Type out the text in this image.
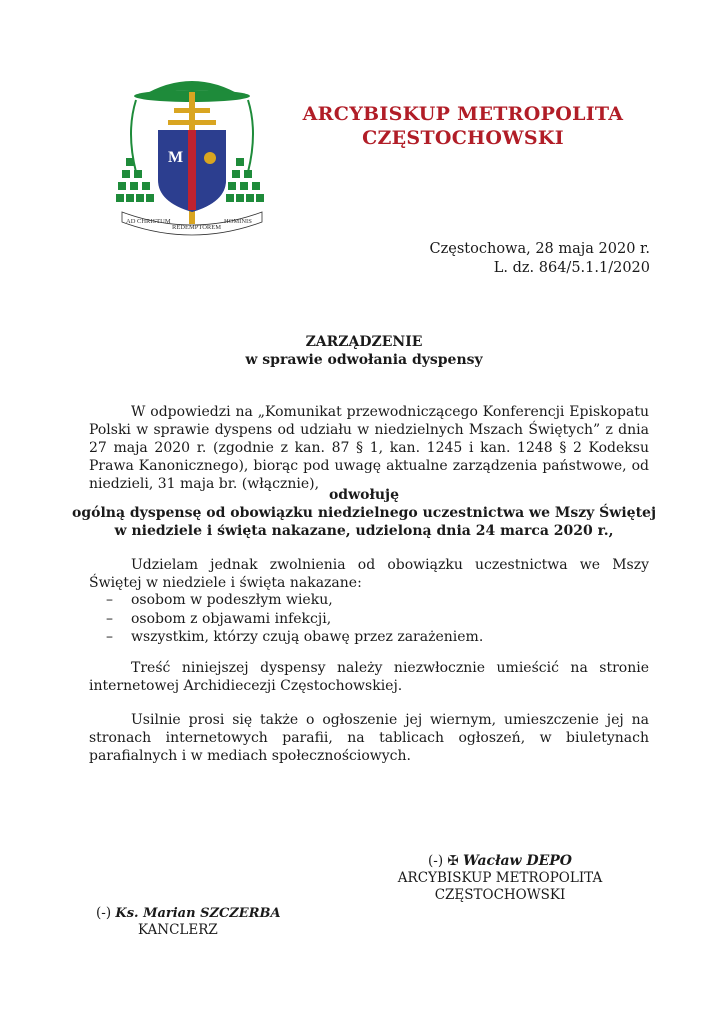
M
AD CHRISTUM
REDEMPTOREM
HOMINIS
ARCYBISKUP METROPOLITA
CZĘSTOCHOWSKI
Częstochowa, 28 maja 2020 r.
L. dz. 864/5.1.1/2020
ZARZĄDZENIE
w sprawie odwołania dyspensy
W odpowiedzi na „Komunikat przewodniczącego Konferencji Episkopatu Polski w sprawie dyspens od udziału w niedzielnych Mszach Świętych” z dnia 27 maja 2020 r. (zgodnie z kan. 87 § 1, kan. 1245 i kan. 1248 § 2 Kodeksu Prawa Kanonicznego), biorąc pod uwagę aktualne zarządzenia państwowe, od niedzieli, 31 maja br. (włącznie),
odwołuję
ogólną dyspensę od obowiązku niedzielnego uczestnictwa we Mszy Świętej
w niedziele i święta nakazane, udzieloną dnia 24 marca 2020 r.,
Udzielam jednak zwolnienia od obowiązku uczestnictwa we Mszy Świętej w niedziele i święta nakazane:
– osobom w podeszłym wieku,
– osobom z objawami infekcji,
– wszystkim, którzy czują obawę przez zarażeniem.
Treść niniejszej dyspensy należy niezwłocznie umieścić na stronie internetowej Archidiecezji Częstochowskiej.
Usilnie prosi się także o ogłoszenie jej wiernym, umieszczenie jej na stronach internetowych parafii, na tablicach ogłoszeń, w biuletynach parafialnych i w mediach społecznościowych.
(-) ✠ Wacław DEPO
ARCYBISKUP METROPOLITA
CZĘSTOCHOWSKI
(-) Ks. Marian SZCZERBA
KANCLERZ
